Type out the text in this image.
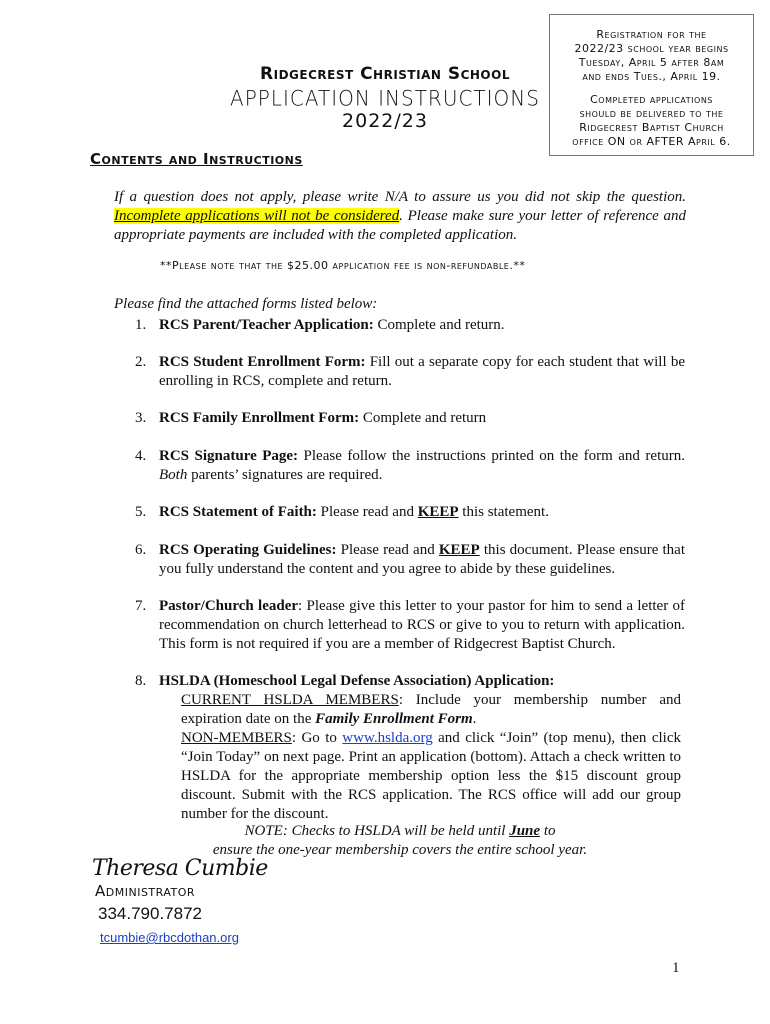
Registration for the
2022/23 school year begins
Tuesday, April 5 after 8am
and ends Tues., April 19.

Completed applications
should be delivered to the
Ridgecrest Baptist Church
office ON or AFTER April 6.

Ridgecrest Christian School
APPLICATION INSTRUCTIONS
2022/23
Contents and Instructions
If a question does not apply, please write N/A to assure us you did not skip the question. Incomplete applications will not be considered. Please make sure your letter of reference and appropriate payments are included with the completed application.
**Please note that the $25.00 application fee is non-refundable.**
Please find the attached forms listed below:
1. RCS Parent/Teacher Application: Complete and return.
2. RCS Student Enrollment Form: Fill out a separate copy for each student that will be enrolling in RCS, complete and return.
3. RCS Family Enrollment Form: Complete and return
4. RCS Signature Page: Please follow the instructions printed on the form and return. Both parents’ signatures are required.
5. RCS Statement of Faith: Please read and KEEP this statement.
6. RCS Operating Guidelines: Please read and KEEP this document. Please ensure that you fully understand the content and you agree to abide by these guidelines.
7. Pastor/Church leader: Please give this letter to your pastor for him to send a letter of recommendation on church letterhead to RCS or give to you to return with application. This form is not required if you are a member of Ridgecrest Baptist Church.
8. HSLDA (Homeschool Legal Defense Association) Application:

CURRENT HSLDA MEMBERS: Include your membership number and expiration date on the Family Enrollment Form.

NON-MEMBERS: Go to www.hslda.org and click “Join” (top menu), then click “Join Today” on next page. Print an application (bottom). Attach a check written to HSLDA for the appropriate membership option less the $15 discount group discount. Submit with the RCS application. The RCS office will add our group number for the discount.

NOTE: Checks to HSLDA will be held until June to
ensure the one-year membership covers the entire school year.
Theresa Cumbie
Administrator
334.790.7872
tcumbie@rbcdothan.org
1
